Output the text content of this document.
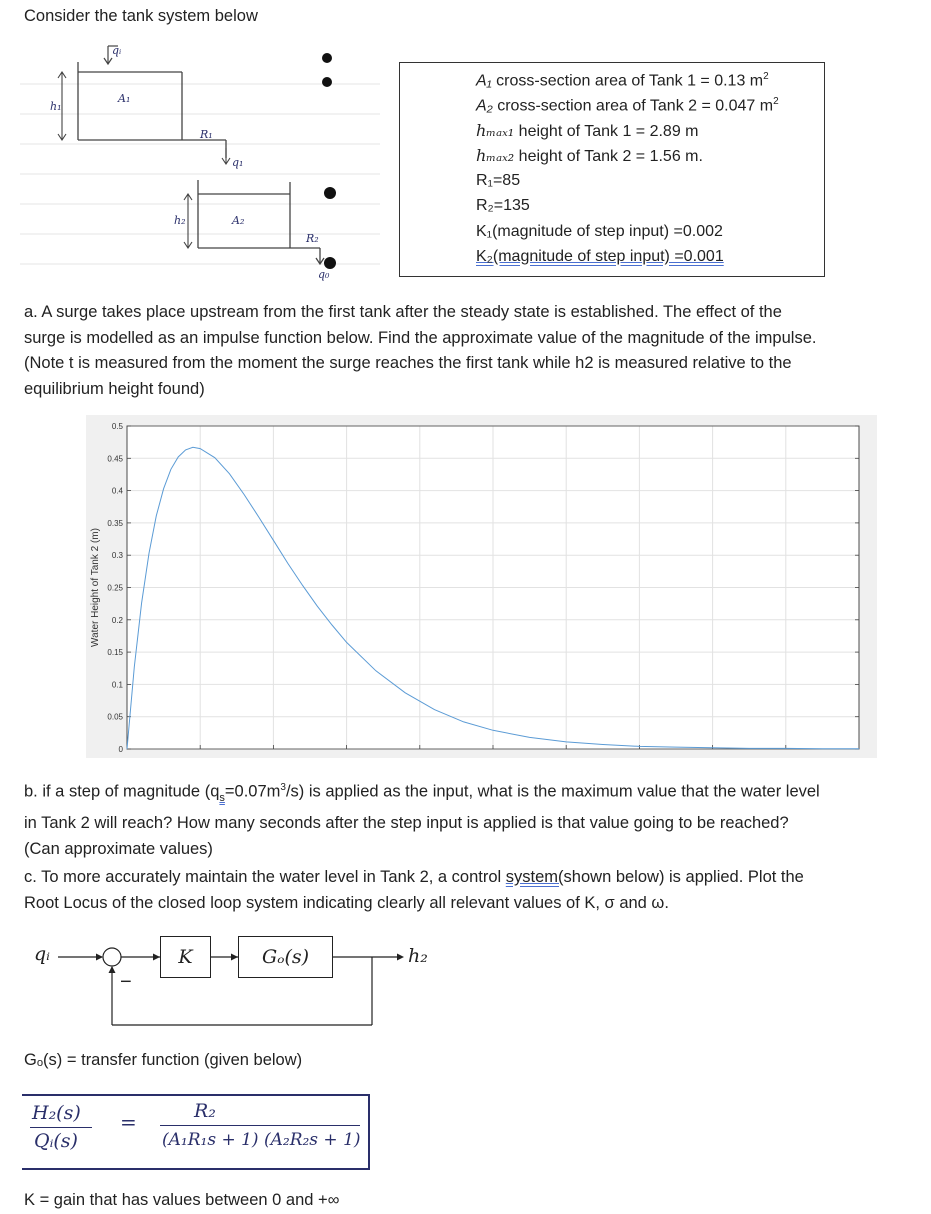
Consider the tank system below
qᵢ
h₁
A₁
R₁
q₁
h₂	A₂
R₂
q₀
A₁ cross-section area of Tank 1 = 0.13 $m^2$
A₂ cross-section area of Tank 2 = 0.047 $m^2$
hₘₐₓ₁ height of Tank 1 = 2.89 m
hₘₐₓ₂ height of Tank 2 = 1.56 m.
R₁=85
R₂=135
K₁(magnitude of step input) =0.002
K₂(magnitude of step input) =0.001
a. A surge takes place upstream from the first tank after the steady state is established. The effect of the surge is modelled as an impulse function below. Find the approximate value of the magnitude of the impulse. (Note t is measured from the moment the surge reaches the first tank while h2 is measured relative to the equilibrium height found)
0
0.05
0.1
0.15
0.2
0.25
0.3
0.35
0.4
0.45
0.5
Water Height of Tank 2 (m)
b. if a step of magnitude $(q_s=0.07m^3/s)$ is applied as the input, what is the maximum value that the water level in Tank 2 will reach? How many seconds after the step input is applied is that value going to be reached? (Can approximate values)
c. To more accurately maintain the water level in Tank 2, a control system(shown below) is applied. Plot the Root Locus of the closed loop system indicating clearly all relevant values of K, σ and ω.
−
qᵢ	K	Gₒ(s)	h₂
Gₒ(s) = transfer function (given below)
H₂(s)
Qᵢ(s)
=	R₂
(A₁R₁s + 1) (A₂R₂s + 1)
K = gain that has values between 0 and +∞
